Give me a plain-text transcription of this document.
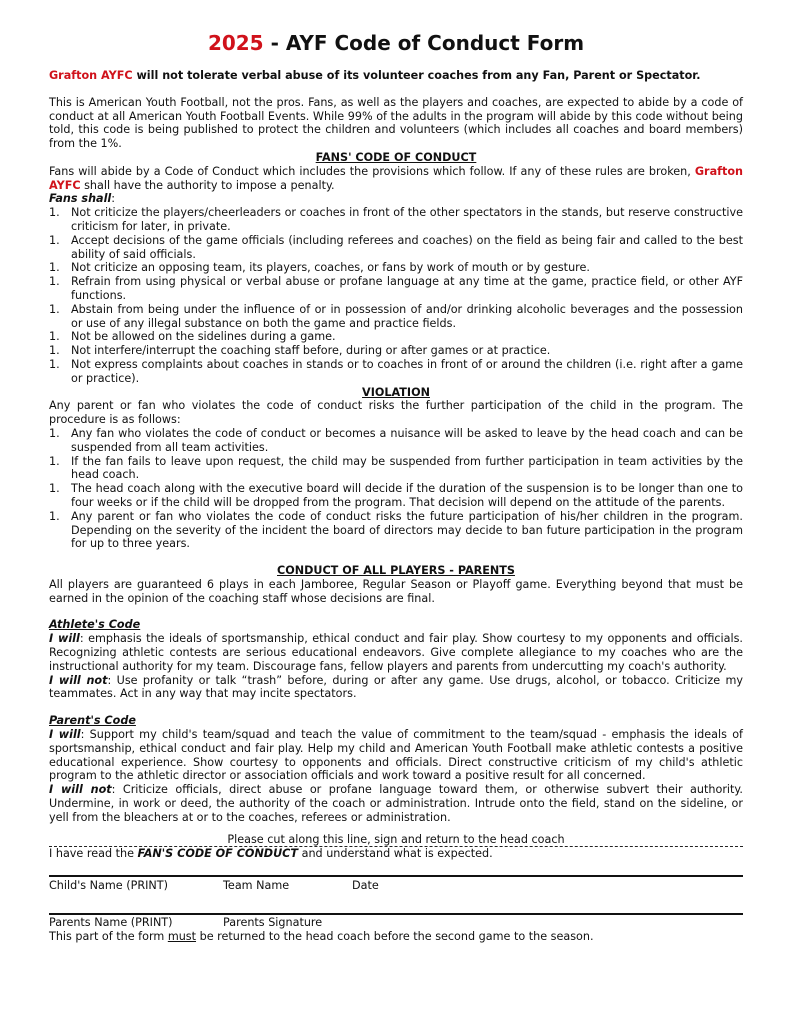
2025 - AYF Code of Conduct Form

Grafton AYFC will not tolerate verbal abuse of its volunteer coaches from any Fan, Parent or Spectator.

This is American Youth Football, not the pros. Fans, as well as the players and coaches, are expected to abide by a code of conduct at all American Youth Football Events. While 99% of the adults in the program will abide by this code without being told, this code is being published to protect the children and volunteers (which includes all coaches and board members) from the 1%.

FANS' CODE OF CONDUCT

Fans will abide by a Code of Conduct which includes the provisions which follow. If any of these rules are broken, Grafton AYFC shall have the authority to impose a penalty.

Fans shall:

1. Not criticize the players/cheerleaders or coaches in front of the other spectators in the stands, but reserve constructive criticism for later, in private.
1. Accept decisions of the game officials (including referees and coaches) on the field as being fair and called to the best ability of said officials.
1. Not criticize an opposing team, its players, coaches, or fans by work of mouth or by gesture.
1. Refrain from using physical or verbal abuse or profane language at any time at the game, practice field, or other AYF functions.
1. Abstain from being under the influence of or in possession of and/or drinking alcoholic beverages and the possession or use of any illegal substance on both the game and practice fields.
1. Not be allowed on the sidelines during a game.
1. Not interfere/interrupt the coaching staff before, during or after games or at practice.
1. Not express complaints about coaches in stands or to coaches in front of or around the children (i.e. right after a game or practice).
VIOLATION

Any parent or fan who violates the code of conduct risks the further participation of the child in the program. The procedure is as follows:

1. Any fan who violates the code of conduct or becomes a nuisance will be asked to leave by the head coach and can be suspended from all team activities.
1. If the fan fails to leave upon request, the child may be suspended from further participation in team activities by the head coach.
1. The head coach along with the executive board will decide if the duration of the suspension is to be longer than one to four weeks or if the child will be dropped from the program. That decision will depend on the attitude of the parents.
1. Any parent or fan who violates the code of conduct risks the future participation of his/her children in the program. Depending on the severity of the incident the board of directors may decide to ban future participation in the program for up to three years.
CONDUCT OF ALL PLAYERS - PARENTS

All players are guaranteed 6 plays in each Jamboree, Regular Season or Playoff game. Everything beyond that must be earned in the opinion of the coaching staff whose decisions are final.

Athlete's Code

I will: emphasis the ideals of sportsmanship, ethical conduct and fair play. Show courtesy to my opponents and officials. Recognizing athletic contests are serious educational endeavors. Give complete allegiance to my coaches who are the instructional authority for my team. Discourage fans, fellow players and parents from undercutting my coach's authority.

I will not: Use profanity or talk “trash” before, during or after any game. Use drugs, alcohol, or tobacco. Criticize my teammates. Act in any way that may incite spectators.

Parent's Code

I will: Support my child's team/squad and teach the value of commitment to the team/squad - emphasis the ideals of sportsmanship, ethical conduct and fair play. Help my child and American Youth Football make athletic contests a positive educational experience. Show courtesy to opponents and officials. Direct constructive criticism of my child's athletic program to the athletic director or association officials and work toward a positive result for all concerned.

I will not: Criticize officials, direct abuse or profane language toward them, or otherwise subvert their authority. Undermine, in work or deed, the authority of the coach or administration. Intrude onto the field, stand on the sideline, or yell from the bleachers at or to the coaches, referees or administration.

Please cut along this line, sign and return to the head coach

I have read the FAN'S CODE OF CONDUCT and understand what is expected.

Child's Name (PRINT)	Team Name	Date
Parents Name (PRINT)	Parents Signature

This part of the form must be returned to the head coach before the second game to the season.
